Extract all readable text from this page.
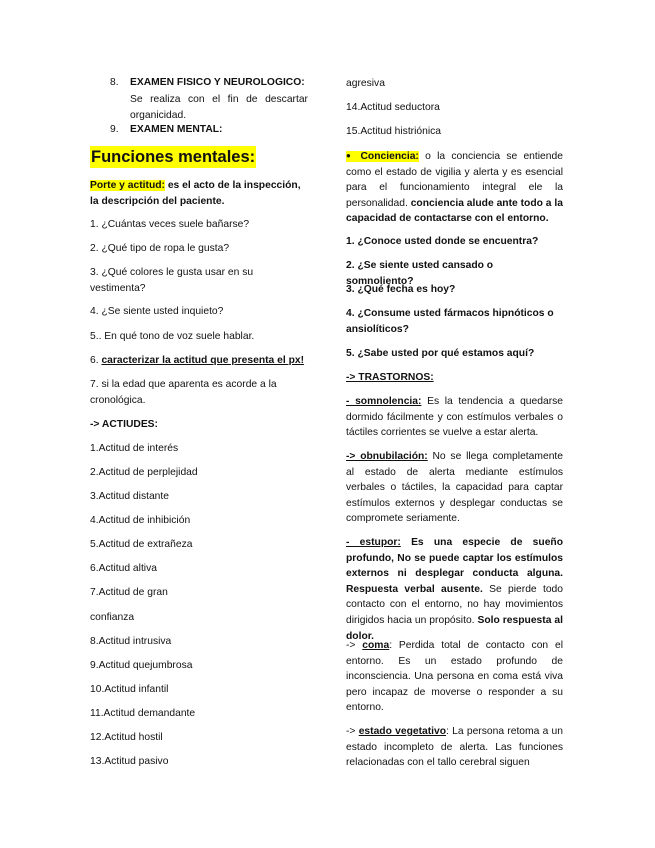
8.	EXAMEN FISICO Y NEUROLOGICO:
Se realiza con el fin de descartar organicidad.
9.	EXAMEN MENTAL:
Funciones mentales:

Porte y actitud: es el acto de la inspección, la descripción del paciente.

1. ¿Cuántas veces suele bañarse?

2. ¿Qué tipo de ropa le gusta?

3. ¿Qué colores le gusta usar en su vestimenta?

4. ¿Se siente usted inquieto?

5.. En qué tono de voz suele hablar.

6. caracterizar la actitud que presenta el px!

7. si la edad que aparenta es acorde a la cronológica.

-> ACTIUDES:

1.Actitud de interés

2.Actitud de perplejidad

3.Actitud distante

4.Actitud de inhibición

5.Actitud de extrañeza

6.Actitud altiva

7.Actitud de gran

confianza

8.Actitud intrusiva

9.Actitud quejumbrosa

10.Actitud infantil

11.Actitud demandante

12.Actitud hostil

13.Actitud pasivo

agresiva

14.Actitud seductora

15.Actitud histriónica

● Conciencia: o la conciencia se entiende como el estado de vigilia y alerta y es esencial para el funcionamiento integral ele la personalidad. conciencia alude ante todo a la capacidad de contactarse con el entorno.

1. ¿Conoce usted donde se encuentra?

2. ¿Se siente usted cansado o somnoliento?

3. ¿Qué fecha es hoy?

4. ¿Consume usted fármacos hipnóticos o ansiolíticos?

5. ¿Sabe usted por qué estamos aquí?

-> TRASTORNOS:

- somnolencia: Es la tendencia a quedarse dormido fácilmente y con estímulos verbales o táctiles corrientes se vuelve a estar alerta.

-> obnubilación: No se llega completamente al estado de alerta mediante estímulos verbales o táctiles, la capacidad para captar estímulos externos y desplegar conductas se compromete seriamente.

- estupor: Es una especie de sueño profundo, No se puede captar los estímulos externos ni desplegar conducta alguna. Respuesta verbal ausente. Se pierde todo contacto con el entorno, no hay movimientos dirigidos hacia un propósito. Solo respuesta al dolor.

-> coma: Perdida total de contacto con el entorno. Es un estado profundo de inconsciencia. Una persona en coma está viva pero incapaz de moverse o responder a su entorno.

-> estado vegetativo: La persona retoma a un estado incompleto de alerta. Las funciones relacionadas con el tallo cerebral siguen
